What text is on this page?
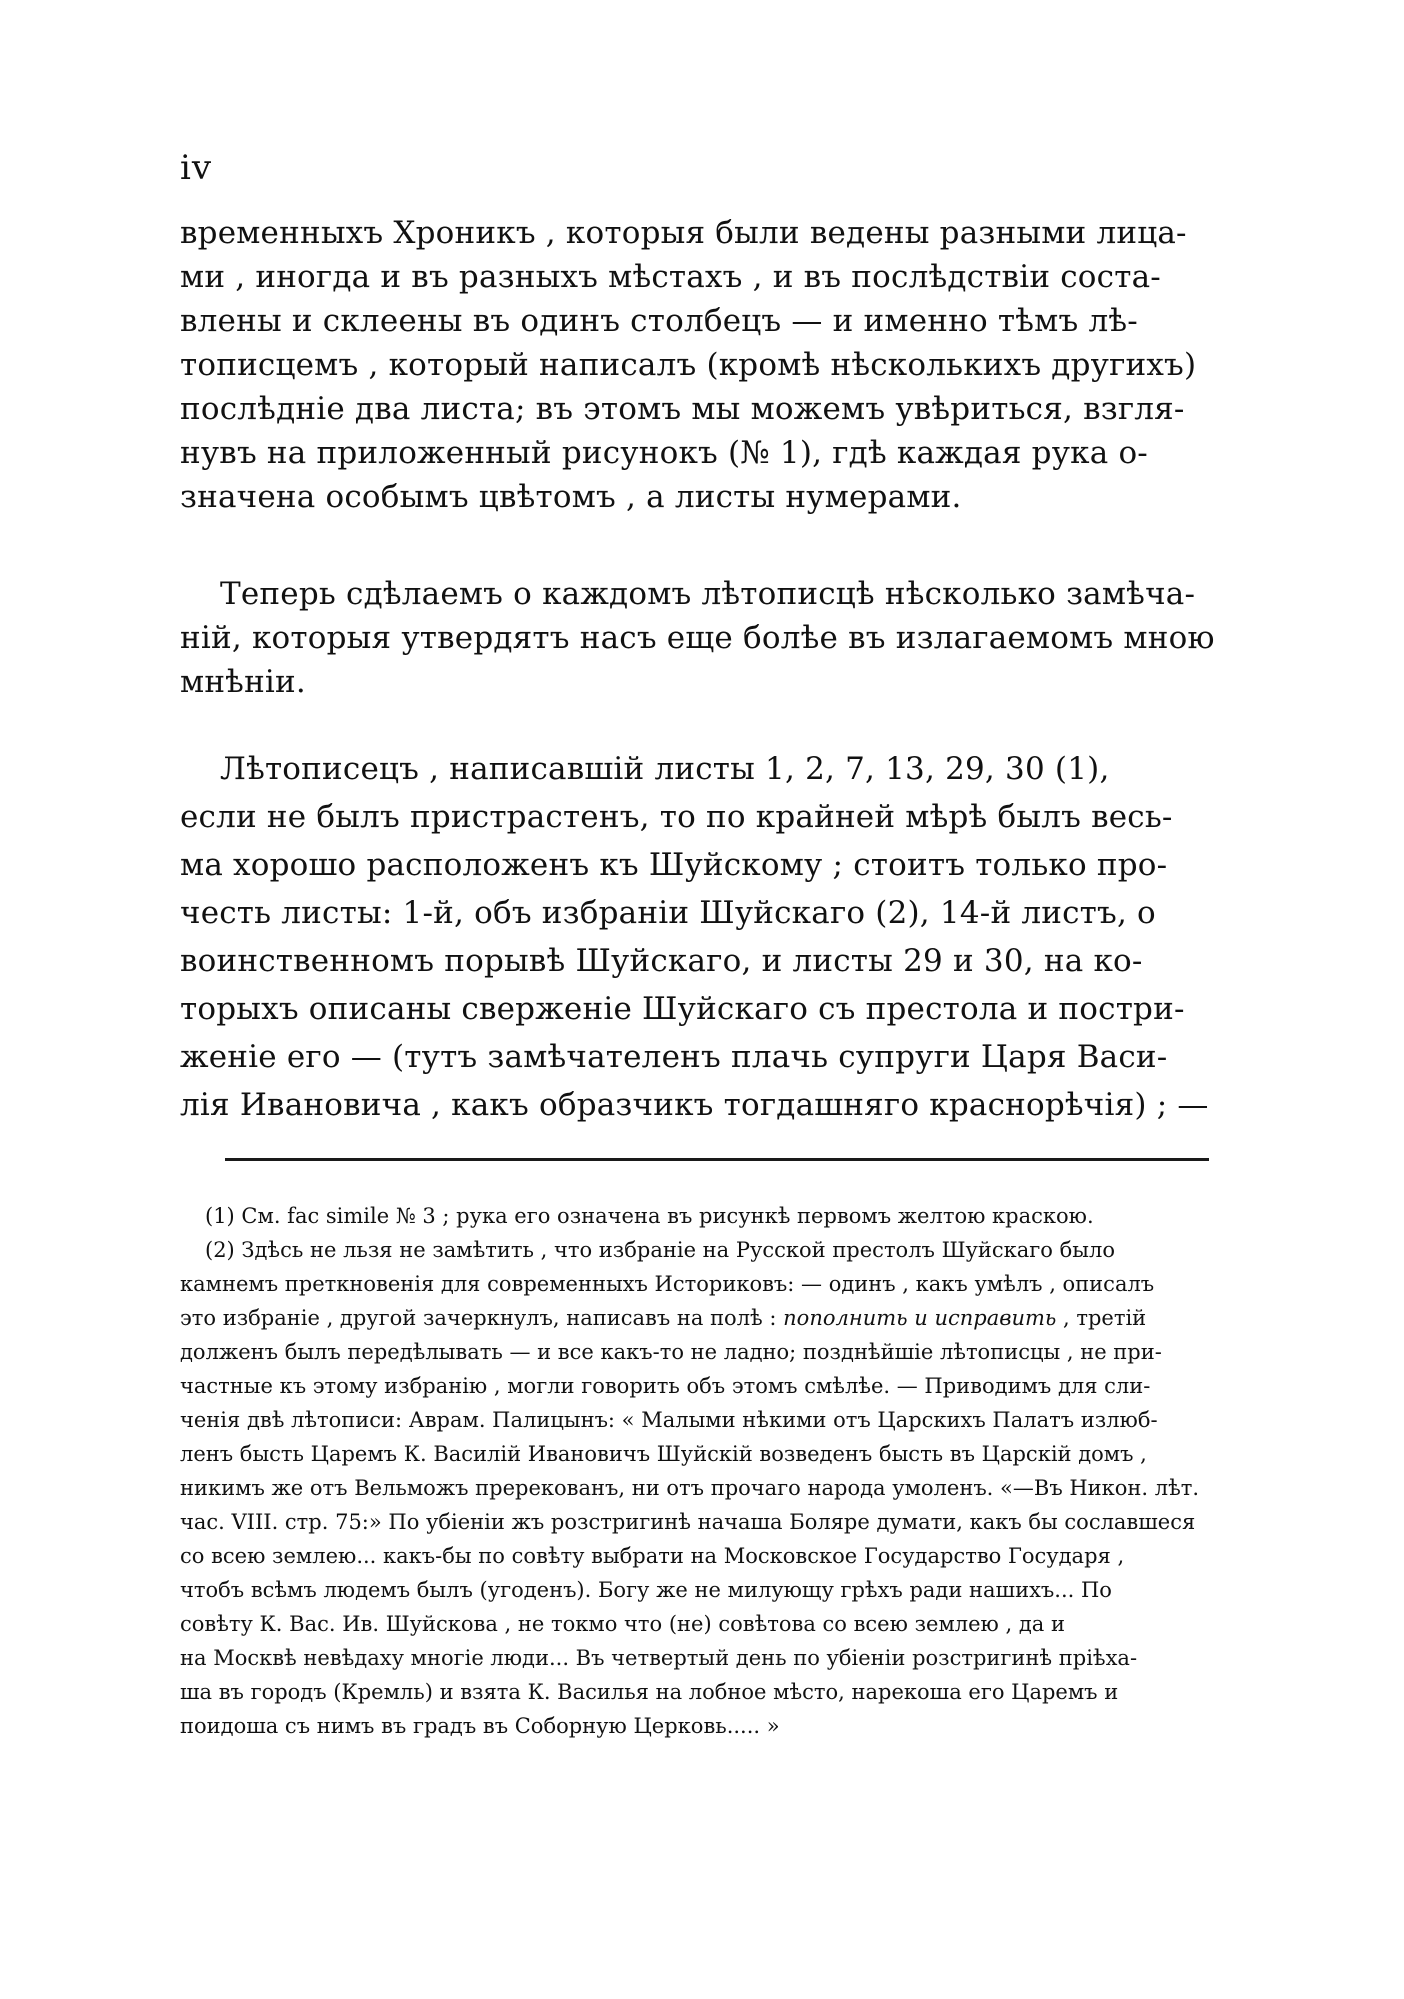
iv
временныхъ Хроникъ , которыя были ведены разными лица-
ми , иногда и въ разныхъ мѣстахъ , и въ послѣдствiи состa-
влены и склеены въ одинъ столбецъ — и именно тѣмъ лѣ-
тописцемъ , который написалъ (кромѣ нѣсколькихъ другихъ)
послѣднiе два листа; въ этомъ мы можемъ увѣриться, взгля-
нувъ на приложенный рисунокъ (№ 1), гдѣ каждая рука о-
значена особымъ цвѣтомъ , а листы нумерами.
Теперь сдѣлаемъ о каждомъ лѣтописцѣ нѣсколько замѣча-
нiй, которыя утвердятъ насъ еще болѣе въ излагаемомъ мною
мнѣнiи.
Лѣтописецъ , написавшiй листы 1, 2, 7, 13, 29, 30 (1),
если не былъ пристрастенъ, то по крайней мѣрѣ былъ весь-
ма хорошо расположенъ къ Шуйскому ; стоитъ только про-
честь листы: 1-й, объ избранiи Шуйскаго (2), 14-й листъ, о
воинственномъ порывѣ Шуйскаго, и листы 29 и 30, на ко-
торыхъ описаны сверженiе Шуйскаго съ престола и постри-
женiе его — (тутъ замѣчателенъ плачь супруги Царя Васи-
лiя Ивановича , какъ образчикъ тогдашняго краснорѣчiя) ; —
(1) См. fac simile № 3 ; рука его означена въ рисункѣ первомъ желтою краскою.
(2) Здѣсь не льзя не замѣтить , что избранiе на Русской престолъ Шуйскаго было
камнемъ преткновенiя для современныхъ Историковъ: — одинъ , какъ умѣлъ , описалъ
это избранiе , другой зачеркнулъ, написавъ на полѣ : пополнить и исправить , третiй
долженъ былъ передѣлывать — и все какъ-то не ладно; позднѣйшiе лѣтописцы , не при-
частные къ этому избранiю , могли говорить объ этомъ смѣлѣе. — Приводимъ для сли-
ченiя двѣ лѣтописи: Аврам. Палицынъ: « Малыми нѣкими отъ Царскихъ Палатъ излюб-
ленъ бысть Царемъ К. Василiй Ивановичъ Шуйскiй возведенъ бысть въ Царскiй домъ ,
никимъ же отъ Вельможъ пререкованъ, ни отъ прочаго народа умоленъ. «—Въ Никон. лѣт.
час. VIII. стр. 75:» По убiенiи жъ розстригинѣ начаша Боляре думати, какъ бы сославшеся
со всею землею... какъ-бы по совѣту выбрати на Московское Государство Государя ,
чтобъ всѣмъ людемъ былъ (угоденъ). Богу же не милующу грѣхъ ради нашихъ... По
совѣту К. Вас. Ив. Шуйскова , не токмо что (не) совѣтова со всею землею , да и
на Москвѣ невѣдаху многiе люди... Въ четвертый день по убiенiи розстригинѣ прiѣха-
ша въ городъ (Кремль) и взята К. Василья на лобное мѣсто, нарекоша его Царемъ и
поидоша съ нимъ въ градъ въ Соборную Церковь..... »
